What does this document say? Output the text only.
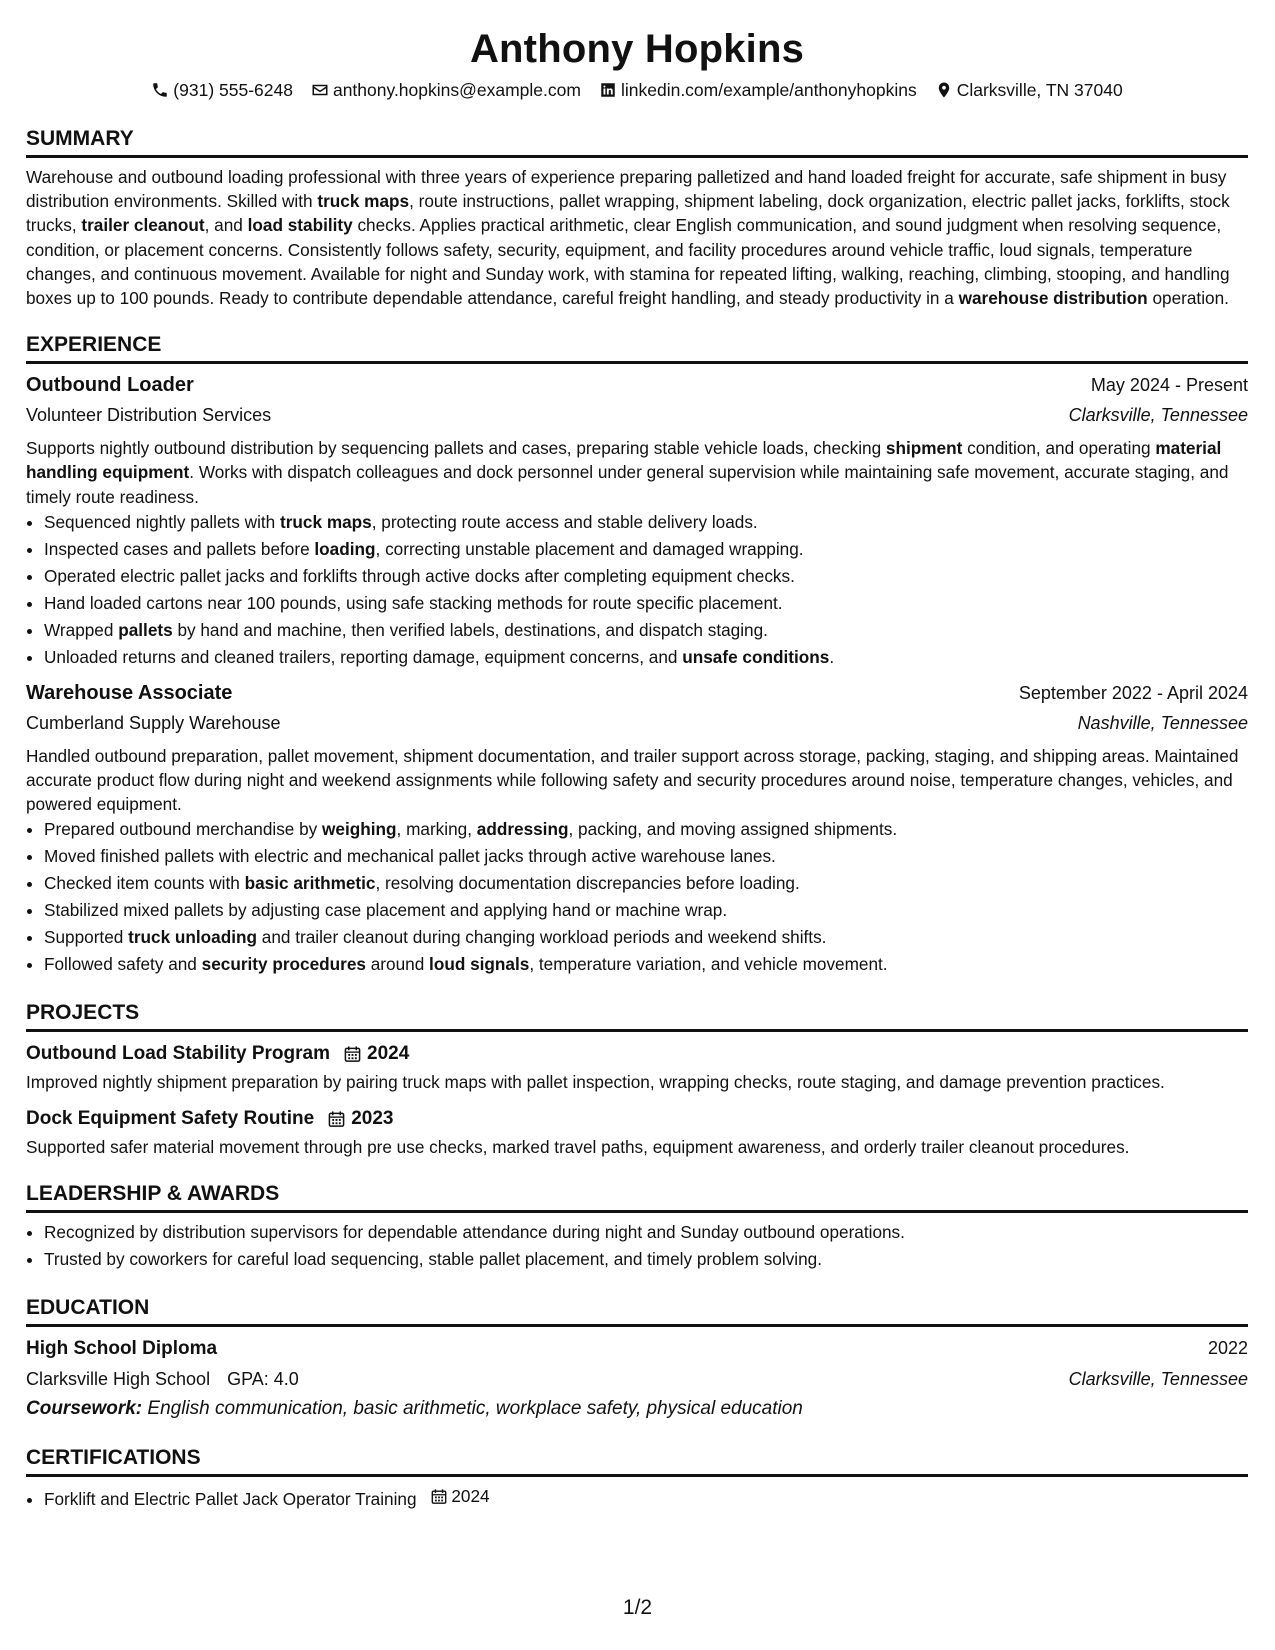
Anthony Hopkins
(931) 555-6248 anthony.hopkins@example.com linkedin.com/example/anthonyhopkins Clarksville, TN 37040
SUMMARY
Warehouse and outbound loading professional with three years of experience preparing palletized and hand loaded freight for accurate, safe shipment in busy distribution environments. Skilled with truck maps, route instructions, pallet wrapping, shipment labeling, dock organization, electric pallet jacks, forklifts, stock trucks, trailer cleanout, and load stability checks. Applies practical arithmetic, clear English communication, and sound judgment when resolving sequence, condition, or placement concerns. Consistently follows safety, security, equipment, and facility procedures around vehicle traffic, loud signals, temperature changes, and continuous movement. Available for night and Sunday work, with stamina for repeated lifting, walking, reaching, climbing, stooping, and handling boxes up to 100 pounds. Ready to contribute dependable attendance, careful freight handling, and steady productivity in a warehouse distribution operation.
EXPERIENCE
Outbound Loader	May 2024 - Present
Volunteer Distribution Services	Clarksville, Tennessee
Supports nightly outbound distribution by sequencing pallets and cases, preparing stable vehicle loads, checking shipment condition, and operating material handling equipment. Works with dispatch colleagues and dock personnel under general supervision while maintaining safe movement, accurate staging, and timely route readiness.
• Sequenced nightly pallets with truck maps, protecting route access and stable delivery loads.
• Inspected cases and pallets before loading, correcting unstable placement and damaged wrapping.
• Operated electric pallet jacks and forklifts through active docks after completing equipment checks.
• Hand loaded cartons near 100 pounds, using safe stacking methods for route specific placement.
• Wrapped pallets by hand and machine, then verified labels, destinations, and dispatch staging.
• Unloaded returns and cleaned trailers, reporting damage, equipment concerns, and unsafe conditions.
Warehouse Associate	September 2022 - April 2024
Cumberland Supply Warehouse	Nashville, Tennessee
Handled outbound preparation, pallet movement, shipment documentation, and trailer support across storage, packing, staging, and shipping areas. Maintained accurate product flow during night and weekend assignments while following safety and security procedures around noise, temperature changes, vehicles, and powered equipment.
• Prepared outbound merchandise by weighing, marking, addressing, packing, and moving assigned shipments.
• Moved finished pallets with electric and mechanical pallet jacks through active warehouse lanes.
• Checked item counts with basic arithmetic, resolving documentation discrepancies before loading.
• Stabilized mixed pallets by adjusting case placement and applying hand or machine wrap.
• Supported truck unloading and trailer cleanout during changing workload periods and weekend shifts.
• Followed safety and security procedures around loud signals, temperature variation, and vehicle movement.
PROJECTS
Outbound Load Stability Program 2024
Improved nightly shipment preparation by pairing truck maps with pallet inspection, wrapping checks, route staging, and damage prevention practices.
Dock Equipment Safety Routine 2023
Supported safer material movement through pre use checks, marked travel paths, equipment awareness, and orderly trailer cleanout procedures.
LEADERSHIP & AWARDS
• Recognized by distribution supervisors for dependable attendance during night and Sunday outbound operations.
• Trusted by coworkers for careful load sequencing, stable pallet placement, and timely problem solving.
EDUCATION
High School Diploma	2022
Clarksville High School GPA: 4.0	Clarksville, Tennessee
Coursework: English communication, basic arithmetic, workplace safety, physical education
CERTIFICATIONS
• Forklift and Electric Pallet Jack Operator Training 2024
1/2
